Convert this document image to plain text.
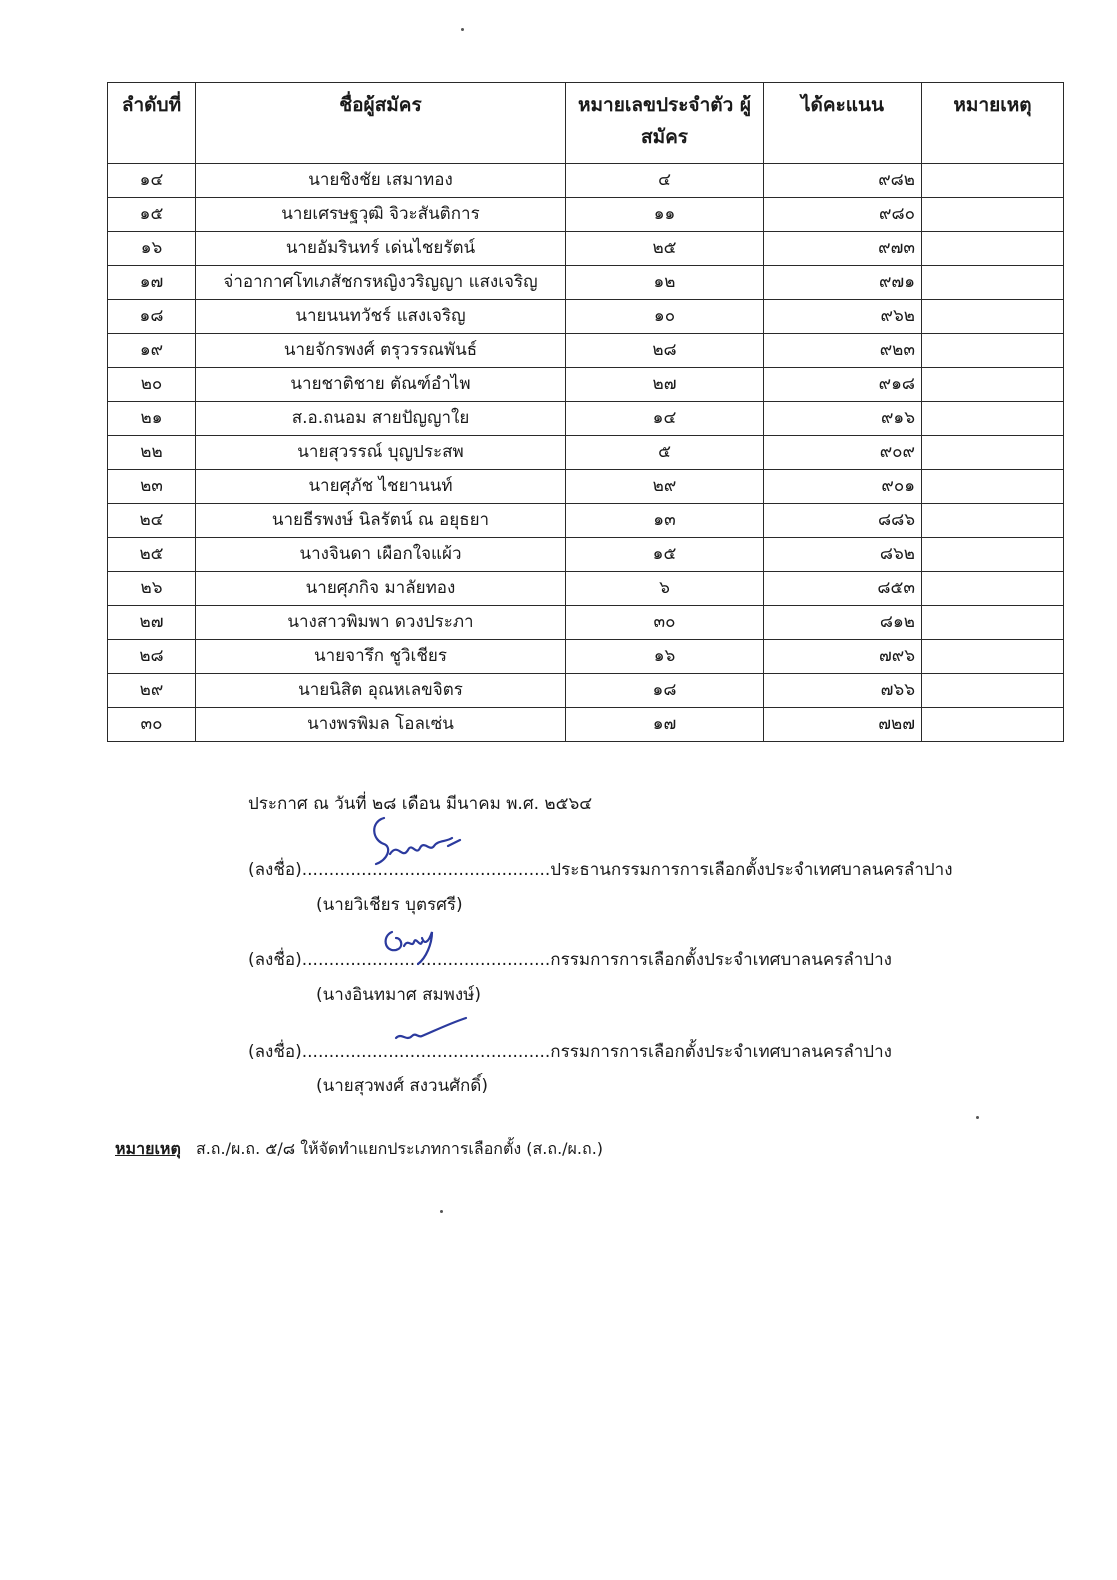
ลำดับที่	ชื่อผู้สมัคร	หมายเลขประจำตัว ผู้สมัคร	ได้คะแนน	หมายเหตุ
๑๔	นายชิงชัย เสมาทอง	๔	๙๘๒	
๑๕	นายเศรษฐวุฒิ จิวะสันติการ	๑๑	๙๘๐	
๑๖	นายอัมรินทร์ เด่นไชยรัตน์	๒๕	๙๗๓	
๑๗	จ่าอากาศโทเภสัชกรหญิงวริญญา แสงเจริญ	๑๒	๙๗๑	
๑๘	นายนนทวัชร์ แสงเจริญ	๑๐	๙๖๒	
๑๙	นายจักรพงศ์ ตรุวรรณพันธ์	๒๘	๙๒๓	
๒๐	นายชาติชาย ตัณฑ์อำไพ	๒๗	๙๑๘	
๒๑	ส.อ.ถนอม สายปัญญาใย	๑๔	๙๑๖	
๒๒	นายสุวรรณ์ บุญประสพ	๕	๙๐๙	
๒๓	นายศุภัช ไชยานนท์	๒๙	๙๐๑	
๒๔	นายธีรพงษ์ นิลรัตน์ ณ อยุธยา	๑๓	๘๘๖	
๒๕	นางจินดา เผือกใจแผ้ว	๑๕	๘๖๒	
๒๖	นายศุภกิจ มาลัยทอง	๖	๘๕๓	
๒๗	นางสาวพิมพา ดวงประภา	๓๐	๘๑๒	
๒๘	นายจารึก ชูวิเชียร	๑๖	๗๙๖	
๒๙	นายนิสิต อุณหเลขจิตร	๑๘	๗๖๖	
๓๐	นางพรพิมล โอลเซ่น	๑๗	๗๒๗	
ประกาศ ณ วันที่ ๒๘ เดือน มีนาคม พ.ศ. ๒๕๖๔
(ลงชื่อ)..............................................ประธานกรรมการการเลือกตั้งประจำเทศบาลนครลำปาง
(นายวิเชียร บุตรศรี)
(ลงชื่อ)..............................................กรรมการการเลือกตั้งประจำเทศบาลนครลำปาง
(นางอินทมาศ สมพงษ์)
(ลงชื่อ)..............................................กรรมการการเลือกตั้งประจำเทศบาลนครลำปาง
(นายสุวพงศ์ สงวนศักดิ์)
หมายเหตุ ส.ถ./ผ.ถ. ๕/๘ ให้จัดทำแยกประเภทการเลือกตั้ง (ส.ถ./ผ.ถ.)
